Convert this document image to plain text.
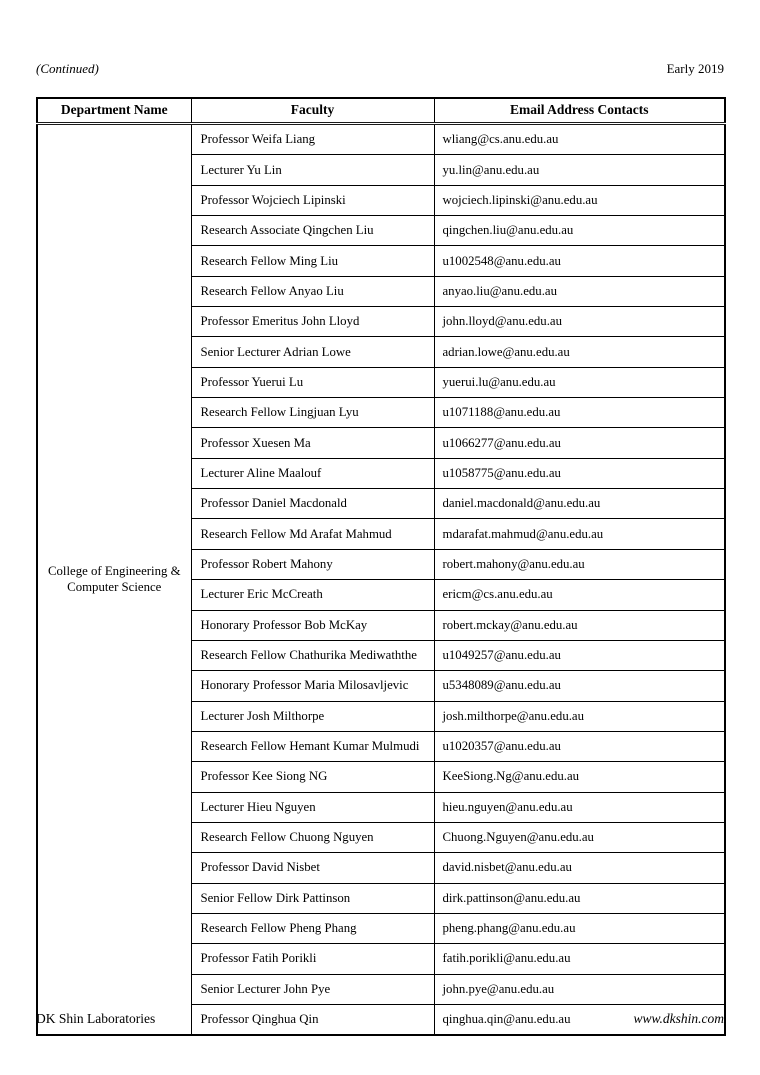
(Continued)	Early 2019
Department Name	Faculty	Email Address Contacts
College of Engineering & Computer Science	Professor Weifa Liang	wliang@cs.anu.edu.au
	Lecturer Yu Lin	yu.lin@anu.edu.au
	Professor Wojciech Lipinski	wojciech.lipinski@anu.edu.au
	Research Associate Qingchen Liu	qingchen.liu@anu.edu.au
	Research Fellow Ming Liu	u1002548@anu.edu.au
	Research Fellow Anyao Liu	anyao.liu@anu.edu.au
	Professor Emeritus John Lloyd	john.lloyd@anu.edu.au
	Senior Lecturer Adrian Lowe	adrian.lowe@anu.edu.au
	Professor Yuerui Lu	yuerui.lu@anu.edu.au
	Research Fellow Lingjuan Lyu	u1071188@anu.edu.au
	Professor Xuesen Ma	u1066277@anu.edu.au
	Lecturer Aline Maalouf	u1058775@anu.edu.au
	Professor Daniel Macdonald	daniel.macdonald@anu.edu.au
	Research Fellow Md Arafat Mahmud	mdarafat.mahmud@anu.edu.au
	Professor Robert Mahony	robert.mahony@anu.edu.au
	Lecturer Eric McCreath	ericm@cs.anu.edu.au
	Honorary Professor Bob McKay	robert.mckay@anu.edu.au
	Research Fellow Chathurika Mediwaththe	u1049257@anu.edu.au
	Honorary Professor Maria Milosavljevic	u5348089@anu.edu.au
	Lecturer Josh Milthorpe	josh.milthorpe@anu.edu.au
	Research Fellow Hemant Kumar Mulmudi	u1020357@anu.edu.au
	Professor Kee Siong NG	KeeSiong.Ng@anu.edu.au
	Lecturer Hieu Nguyen	hieu.nguyen@anu.edu.au
	Research Fellow Chuong Nguyen	Chuong.Nguyen@anu.edu.au
	Professor David Nisbet	david.nisbet@anu.edu.au
	Senior Fellow Dirk Pattinson	dirk.pattinson@anu.edu.au
	Research Fellow Pheng Phang	pheng.phang@anu.edu.au
	Professor Fatih Porikli	fatih.porikli@anu.edu.au
	Senior Lecturer John Pye	john.pye@anu.edu.au
	Professor Qinghua Qin	qinghua.qin@anu.edu.au
DK Shin Laboratories	www.dkshin.com
